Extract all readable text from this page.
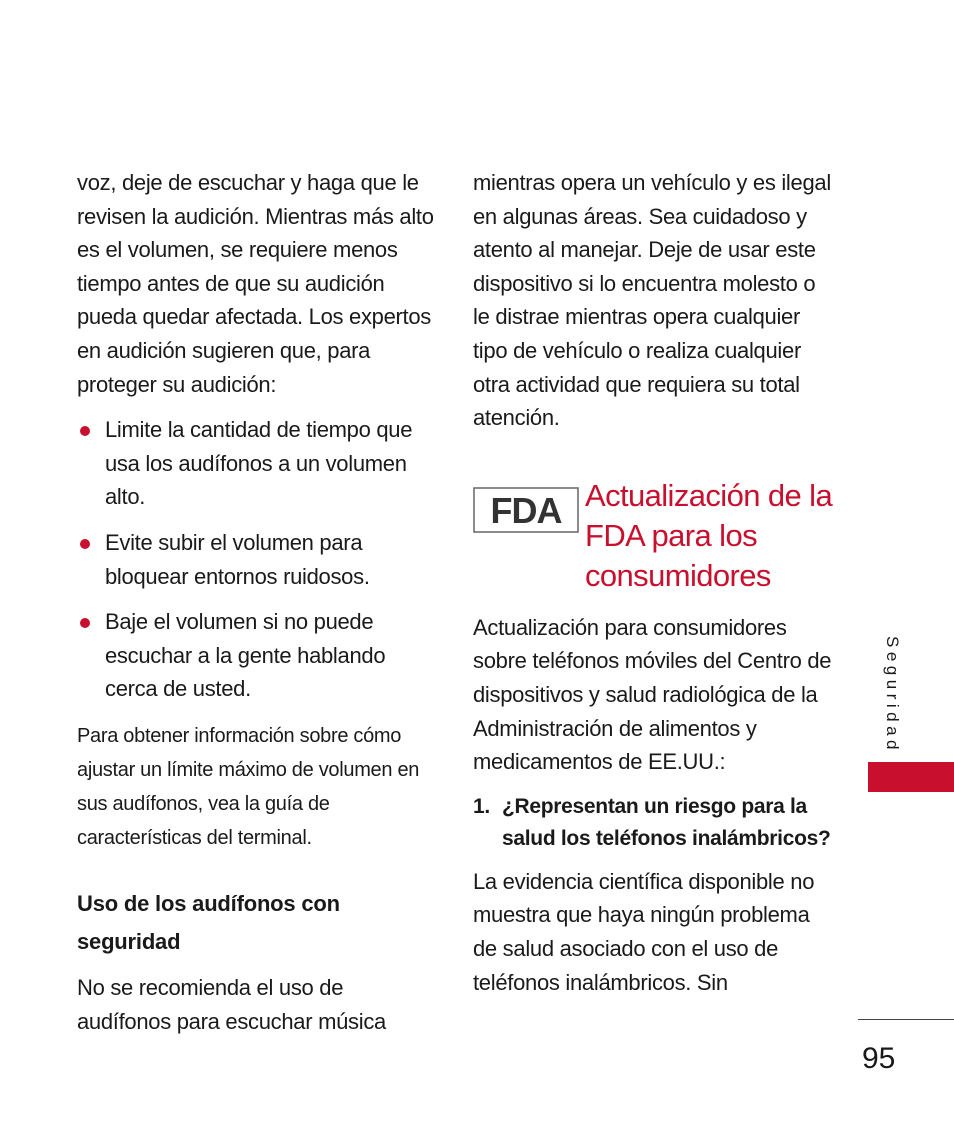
voz, deje de escuchar y haga que le revisen la audición. Mientras más alto es el volumen, se requiere menos tiempo antes de que su audición pueda quedar afectada. Los expertos en audición sugieren que, para proteger su audición:

Limite la cantidad de tiempo que usa los audífonos a un volumen alto.
Evite subir el volumen para bloquear entornos ruidosos.
Baje el volumen si no puede escuchar a la gente hablando cerca de usted.

Para obtener información sobre cómo ajustar un límite máximo de volumen en sus audífonos, vea la guía de características del terminal.

Uso de los audífonos con seguridad

No se recomienda el uso de audífonos para escuchar música

mientras opera un vehículo y es ilegal en algunas áreas. Sea cuidadoso y atento al manejar. Deje de usar este dispositivo si lo encuentra molesto o le distrae mientras opera cualquier tipo de vehículo o realiza cualquier otra actividad que requiera su total atención.

FDA Actualización de la FDA para los consumidores

Actualización para consumidores sobre teléfonos móviles del Centro de dispositivos y salud radiológica de la Administración de alimentos y medicamentos de EE.UU.:

1. ¿Representan un riesgo para la salud los teléfonos inalámbricos?

La evidencia científica disponible no muestra que haya ningún problema de salud asociado con el uso de teléfonos inalámbricos. Sin

Seguridad
95
